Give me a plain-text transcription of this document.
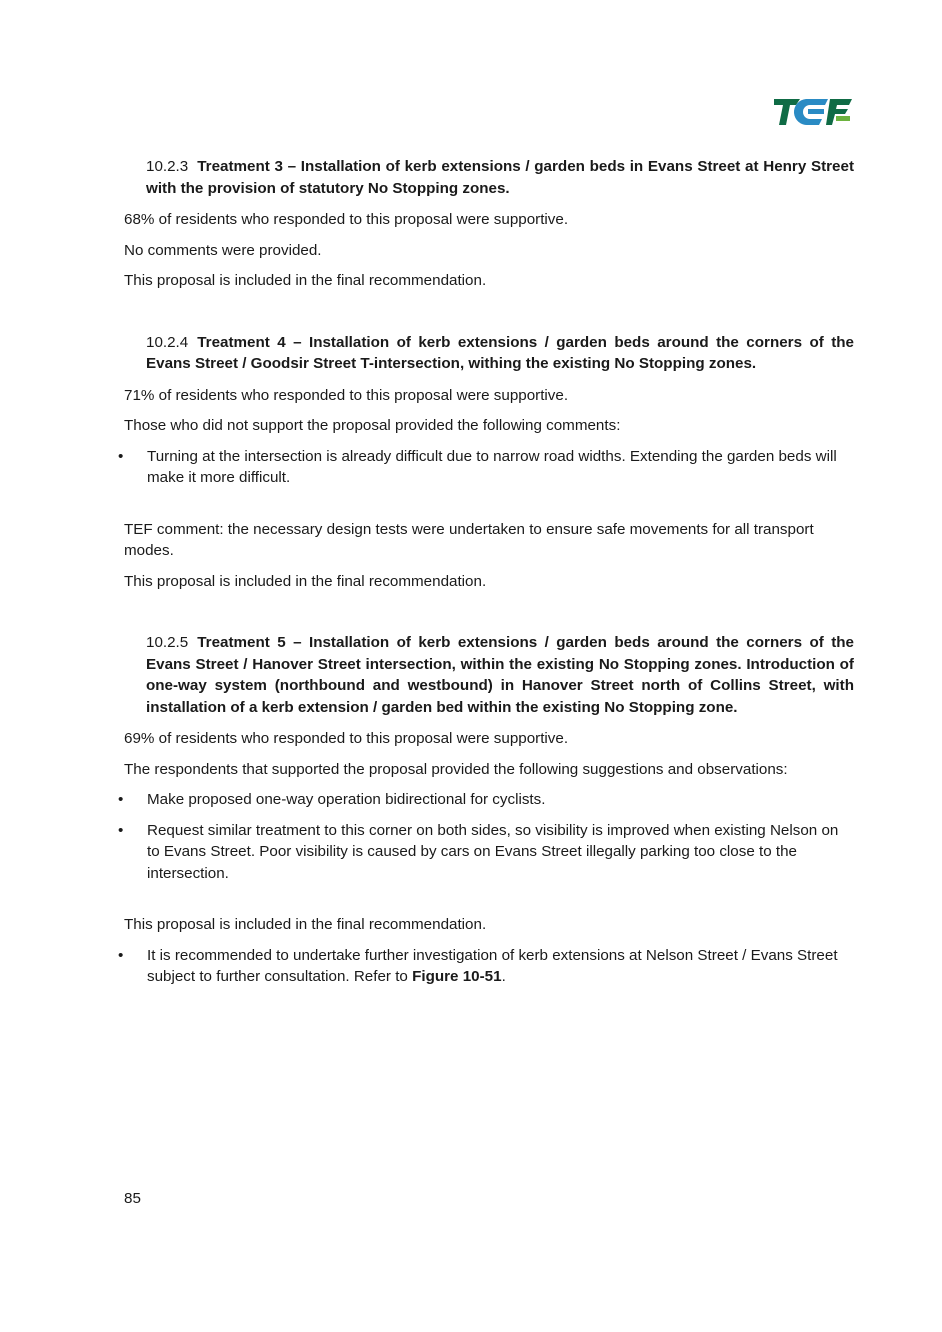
10.2.3 Treatment 3 – Installation of kerb extensions / garden beds in Evans Street at Henry Street with the provision of statutory No Stopping zones.

68% of residents who responded to this proposal were supportive.

No comments were provided.

This proposal is included in the final recommendation.

10.2.4 Treatment 4 – Installation of kerb extensions / garden beds around the corners of the Evans Street / Goodsir Street T-intersection, withing the existing No Stopping zones.

71% of residents who responded to this proposal were supportive.

Those who did not support the proposal provided the following comments:

• Turning at the intersection is already difficult due to narrow road widths. Extending the garden beds will make it more difficult.

TEF comment: the necessary design tests were undertaken to ensure safe movements for all transport modes.

This proposal is included in the final recommendation.

10.2.5 Treatment 5 – Installation of kerb extensions / garden beds around the corners of the Evans Street / Hanover Street intersection, within the existing No Stopping zones. Introduction of one-way system (northbound and westbound) in Hanover Street north of Collins Street, with installation of a kerb extension / garden bed within the existing No Stopping zone.

69% of residents who responded to this proposal were supportive.

The respondents that supported the proposal provided the following suggestions and observations:

• Make proposed one-way operation bidirectional for cyclists.
• Request similar treatment to this corner on both sides, so visibility is improved when existing Nelson on to Evans Street. Poor visibility is caused by cars on Evans Street illegally parking too close to the intersection.

This proposal is included in the final recommendation.

• It is recommended to undertake further investigation of kerb extensions at Nelson Street / Evans Street subject to further consultation. Refer to Figure 10-51.
85
